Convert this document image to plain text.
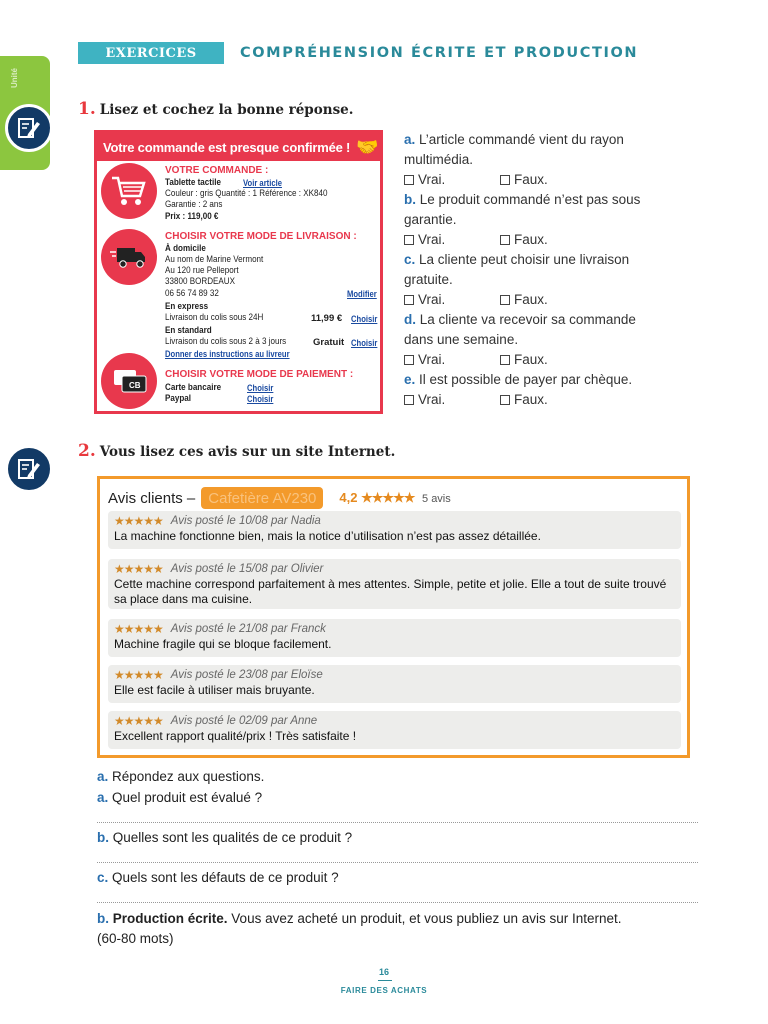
Unité
EXERCICES	COMPRÉHENSION ÉCRITE ET PRODUCTION
1. Lisez et cochez la bonne réponse.
Votre commande est presque confirmée ! 🤝
VOTRE COMMANDE :
Tablette tactile Voir article
Couleur : gris Quantité : 1 Référence : XK840
Garantie : 2 ans
Prix : 119,00 €
CHOISIR VOTRE MODE DE LIVRAISON :
À domicile
Au nom de Marine Vermont
Au 120 rue Pelleport
33800 BORDEAUX
06 56 74 89 32	Modifier
En express
Livraison du colis sous 24H	11,99 € Choisir
En standard
Livraison du colis sous 2 à 3 jours	Gratuit Choisir
Donner des instructions au livreur
CB
CHOISIR VOTRE MODE DE PAIEMENT :
Carte bancaire	Choisir
Paypal	Choisir
a. L’article commandé vient du rayon
multimédia.
Vrai.	Faux.
b. Le produit commandé n’est pas sous
garantie.
Vrai.	Faux.
c. La cliente peut choisir une livraison
gratuite.
Vrai.	Faux.
d. La cliente va recevoir sa commande
dans une semaine.
Vrai.	Faux.
e. Il est possible de payer par chèque.
Vrai.	Faux.
2. Vous lisez ces avis sur un site Internet.
Avis clients – Cafetière AV230	4,2 ★★★★★ 5 avis
★★★★★ Avis posté le 10/08 par Nadia
La machine fonctionne bien, mais la notice d’utilisation n’est pas assez détaillée.
★★★★★ Avis posté le 15/08 par Olivier
Cette machine correspond parfaitement à mes attentes. Simple, petite et jolie. Elle a tout de suite trouvé sa place dans ma cuisine.
★★★★★ Avis posté le 21/08 par Franck
Machine fragile qui se bloque facilement.
★★★★★ Avis posté le 23/08 par Eloïse
Elle est facile à utiliser mais bruyante.
★★★★★ Avis posté le 02/09 par Anne
Excellent rapport qualité/prix ! Très satisfaite !
a. Répondez aux questions.
a. Quel produit est évalué ?
b. Quelles sont les qualités de ce produit ?
c. Quels sont les défauts de ce produit ?
b. Production écrite. Vous avez acheté un produit, et vous publiez un avis sur Internet.
(60-80 mots)
16
FAIRE DES ACHATS
